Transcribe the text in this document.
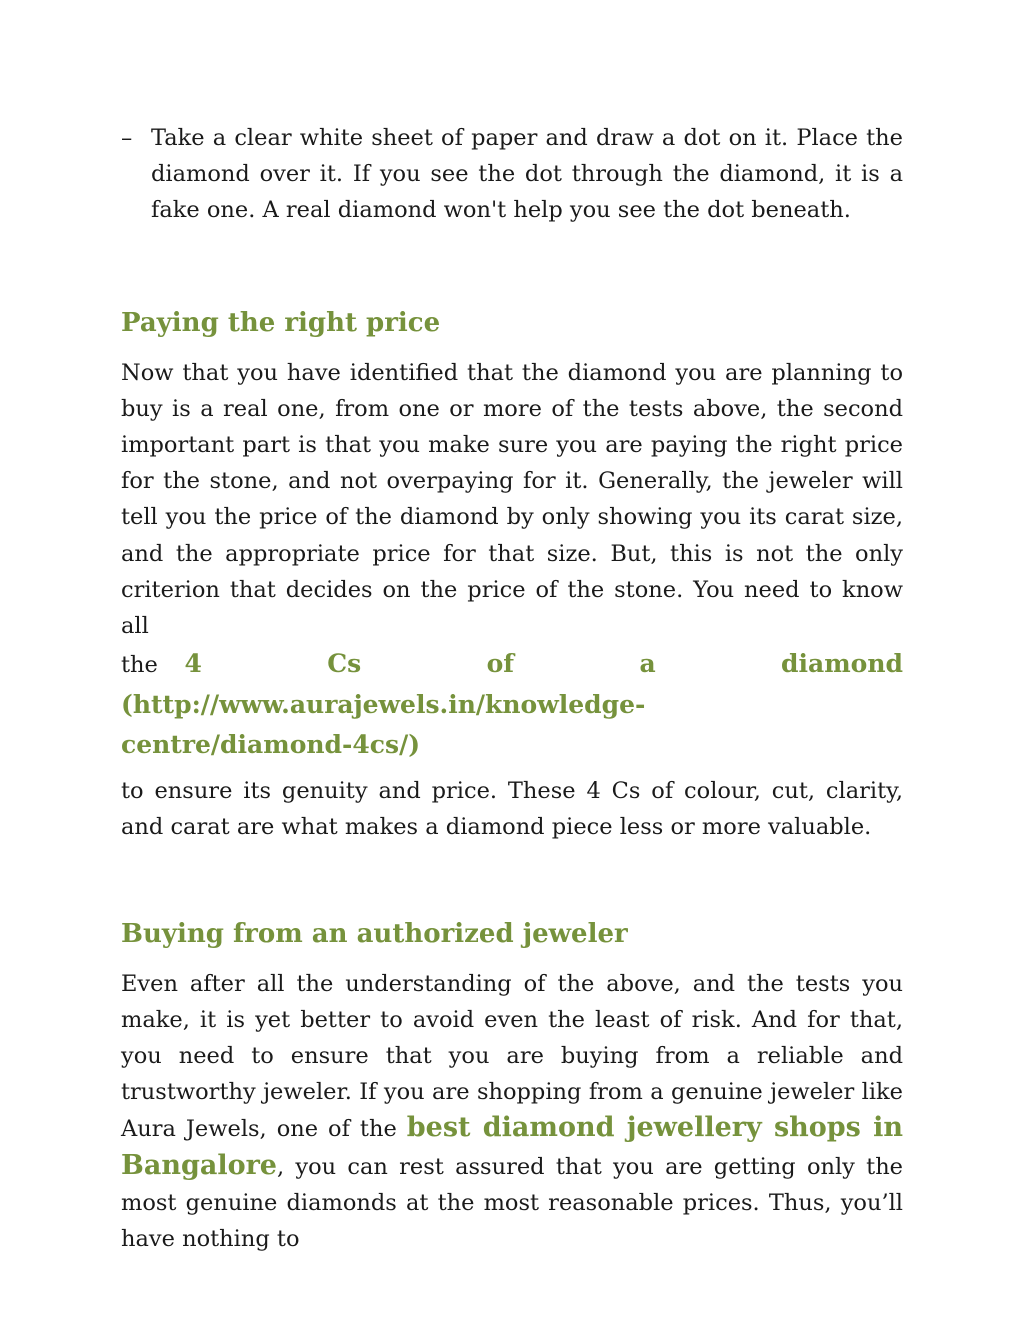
– Take a clear white sheet of paper and draw a dot on it. Place the diamond over it. If you see the dot through the diamond, it is a fake one. A real diamond won't help you see the dot beneath.

Paying the right price

Now that you have identified that the diamond you are planning to buy is a real one, from one or more of the tests above, the second important part is that you make sure you are paying the right price for the stone, and not overpaying for it. Generally, the jeweler will tell you the price of the diamond by only showing you its carat size, and the appropriate price for that size. But, this is not the only criterion that decides on the price of the stone. You need to know all

the 4 Cs of a diamond

(http://www.aurajewels.in/knowledge-

centre/diamond-4cs/)

to ensure its genuity and price. These 4 Cs of colour, cut, clarity, and carat are what makes a diamond piece less or more valuable.

Buying from an authorized jeweler

Even after all the understanding of the above, and the tests you make, it is yet better to avoid even the least of risk. And for that, you need to ensure that you are buying from a reliable and trustworthy jeweler. If you are shopping from a genuine jeweler like Aura Jewels, one of the best diamond jewellery shops in Bangalore, you can rest assured that you are getting only the most genuine diamonds at the most reasonable prices. Thus, you’ll have nothing to
